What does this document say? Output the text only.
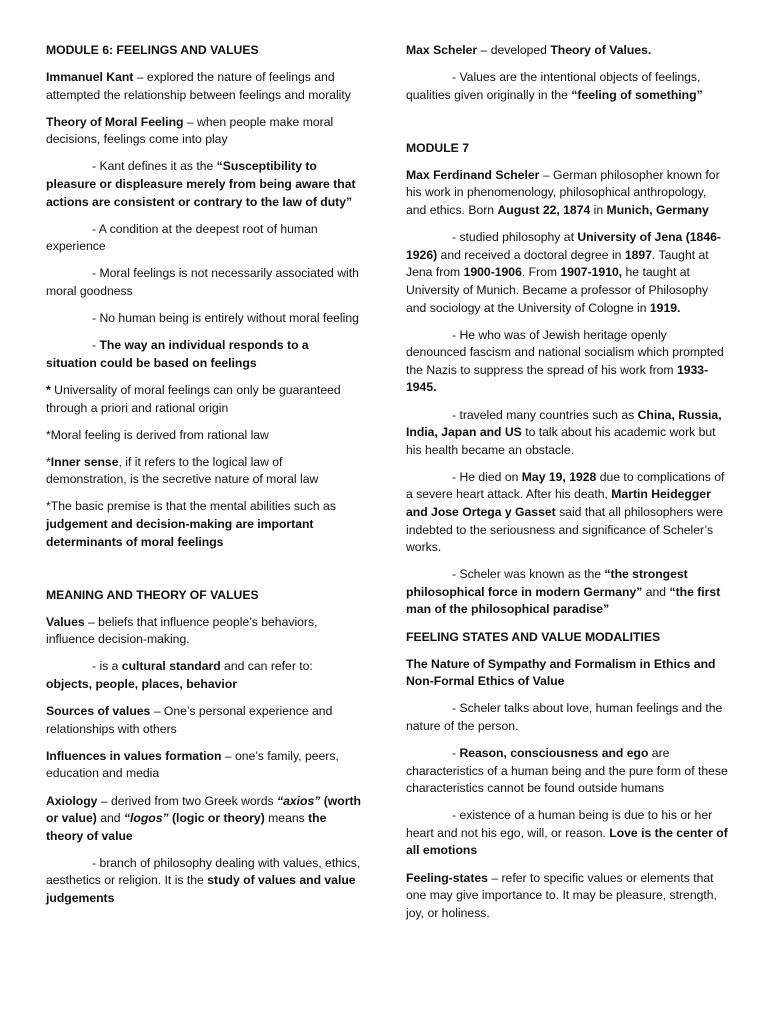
MODULE 6: FEELINGS AND VALUES

Immanuel Kant – explored the nature of feelings and attempted the relationship between feelings and morality

Theory of Moral Feeling – when people make moral decisions, feelings come into play

- Kant defines it as the “Susceptibility to pleasure or displeasure merely from being aware that actions are consistent or contrary to the law of duty”

- A condition at the deepest root of human experience

- Moral feelings is not necessarily associated with moral goodness

- No human being is entirely without moral feeling

- The way an individual responds to a situation could be based on feelings

* Universality of moral feelings can only be guaranteed through a priori and rational origin

*Moral feeling is derived from rational law

*Inner sense, if it refers to the logical law of demonstration, is the secretive nature of moral law

*The basic premise is that the mental abilities such as judgement and decision-making are important determinants of moral feelings

MEANING AND THEORY OF VALUES

Values – beliefs that influence people’s behaviors, influence decision-making.

- is a cultural standard and can refer to: objects, people, places, behavior

Sources of values – One’s personal experience and relationships with others

Influences in values formation – one’s family, peers, education and media

Axiology – derived from two Greek words “axios” (worth or value) and “logos” (logic or theory) means the theory of value

- branch of philosophy dealing with values, ethics, aesthetics or religion. It is the study of values and value judgements

Max Scheler – developed Theory of Values.

- Values are the intentional objects of feelings, qualities given originally in the “feeling of something”

MODULE 7

Max Ferdinand Scheler – German philosopher known for his work in phenomenology, philosophical anthropology, and ethics. Born August 22, 1874 in Munich, Germany

- studied philosophy at University of Jena (1846-1926) and received a doctoral degree in 1897. Taught at Jena from 1900-1906. From 1907-1910, he taught at University of Munich. Became a professor of Philosophy and sociology at the University of Cologne in 1919.

- He who was of Jewish heritage openly denounced fascism and national socialism which prompted the Nazis to suppress the spread of his work from 1933-1945.

- traveled many countries such as China, Russia, India, Japan and US to talk about his academic work but his health became an obstacle.

- He died on May 19, 1928 due to complications of a severe heart attack. After his death, Martin Heidegger and Jose Ortega y Gasset said that all philosophers were indebted to the seriousness and significance of Scheler’s works.

- Scheler was known as the “the strongest philosophical force in modern Germany” and “the first man of the philosophical paradise”

FEELING STATES AND VALUE MODALITIES

The Nature of Sympathy and Formalism in Ethics and Non-Formal Ethics of Value

- Scheler talks about love, human feelings and the nature of the person.

- Reason, consciousness and ego are characteristics of a human being and the pure form of these characteristics cannot be found outside humans

- existence of a human being is due to his or her heart and not his ego, will, or reason. Love is the center of all emotions

Feeling-states – refer to specific values or elements that one may give importance to. It may be pleasure, strength, joy, or holiness.
